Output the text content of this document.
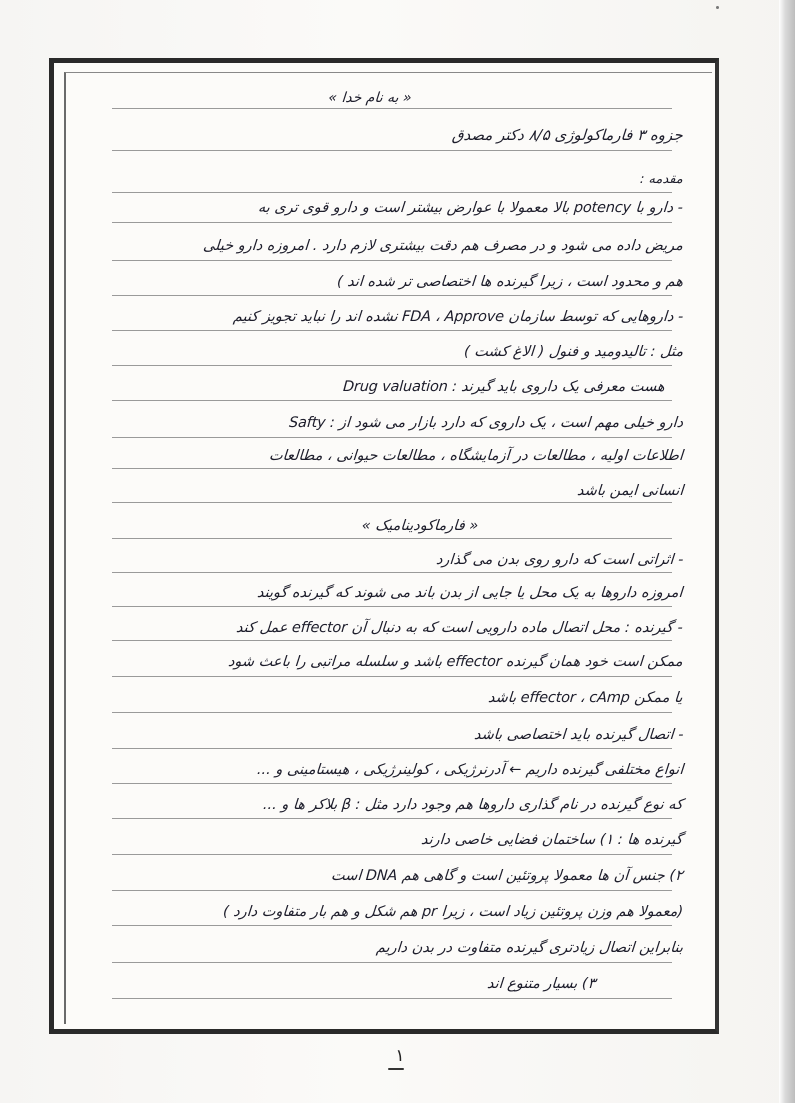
« به نام خدا »
جزوه ۳ فارماکولوژی ۸/۵ دکتر مصدق
مقدمه :
- دارو با potency بالا معمولا با عوارض بیشتر است و دارو قوی تری به
مریض داده می شود و در مصرف هم دقت بیشتری لازم دارد . امروزه دارو خیلی
هم و محدود است ، زیرا گیرنده ها اختصاصی تر شده اند )
- داروهایی که توسط سازمان FDA ، Approve نشده اند را نباید تجویز کنیم
مثل : تالیدومید و فنول ( الاغ کشت )
Drug valuation : هست معرفی یک داروی باید گیرند
Safty : دارو خیلی مهم است ، یک داروی که دارد بازار می شود از
اطلاعات اولیه ، مطالعات در آزمایشگاه ، مطالعات حیوانی ، مطالعات
انسانی ایمن باشد
« فارماکودینامیک »
- اثراتی است که دارو روی بدن می گذارد
امروزه داروها به یک محل یا جایی از بدن باند می شوند که گیرنده گویند
- گیرنده : محل اتصال ماده دارویی است که به دنبال آن effector عمل کند
ممکن است خود همان گیرنده effector باشد و سلسله مراتبی را باعث شود
یا ممکن effector ، cAmp باشد
- اتصال گیرنده باید اختصاصی باشد
انواع مختلفی گیرنده داریم ← آدرنرژیکی ، کولینرژیکی ، هیستامینی و ...
که نوع گیرنده در نام گذاری داروها هم وجود دارد مثل : β بلاکر ها و ...
گیرنده ها : ۱) ساختمان فضایی خاصی دارند
۲) جنس آن ها معمولا پروتئین است و گاهی هم DNA است
(معمولا هم وزن پروتئین زیاد است ، زیرا pr هم شکل و هم بار متفاوت دارد )
بنابراین اتصال زیادتری گیرنده متفاوت در بدن داریم
۳) بسیار متنوع اند
۱
